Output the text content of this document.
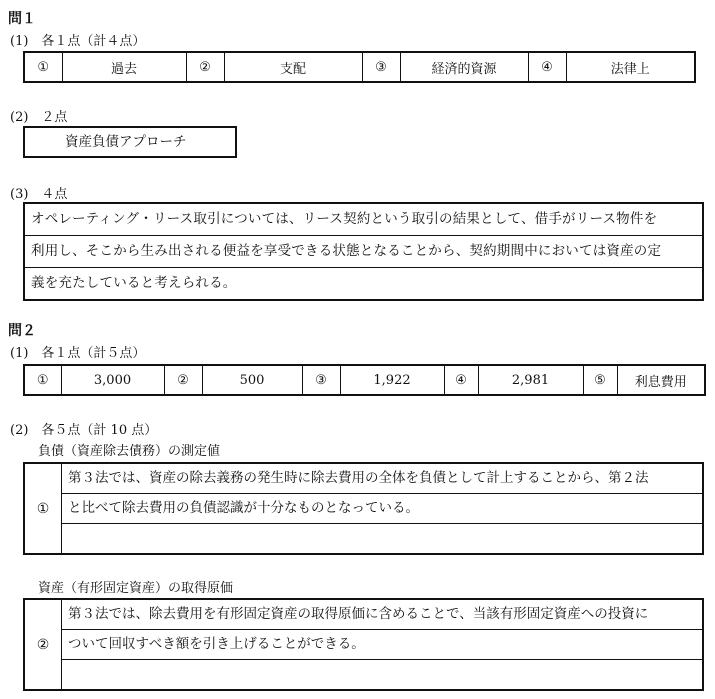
問１
(1)　各１点（計４点）
①	過去	②	支配	③	経済的資源	④	法律上
(2)　２点
資産負債アプローチ
(3)　４点
オペレーティング・リース取引については、リース契約という取引の結果として、借手がリース物件を
利用し、そこから生み出される便益を享受できる状態となることから、契約期間中においては資産の定
義を充たしていると考えられる。
問２
(1)　各１点（計５点）
①	3,000	②	500	③	1,922	④	2,981	⑤	利息費用
(2)　各５点（計 10 点）
負債（資産除去債務）の測定値
①
第３法では、資産の除去義務の発生時に除去費用の全体を負債として計上することから、第２法
と比べて除去費用の負債認識が十分なものとなっている。
資産（有形固定資産）の取得原価
②
第３法では、除去費用を有形固定資産の取得原価に含めることで、当該有形固定資産への投資に
ついて回収すべき額を引き上げることができる。
